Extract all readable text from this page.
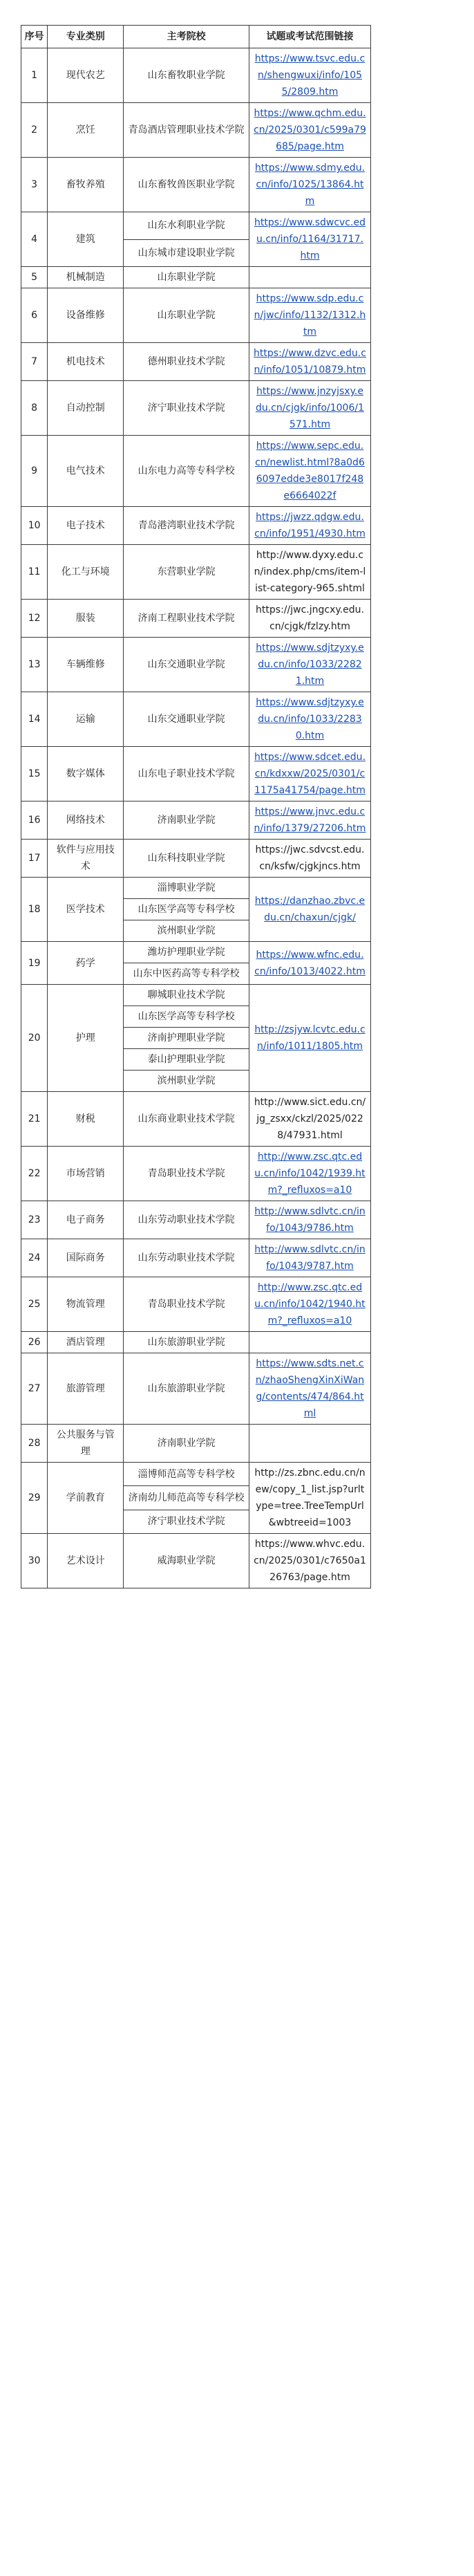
序号	专业类别	主考院校	试题或考试范围链接
1	现代农艺	山东畜牧职业学院	https://www.tsvc.edu.cn/shengwuxi/info/1055/2809.htm
2	烹饪	青岛酒店管理职业技术学院	https://www.qchm.edu.cn/2025/0301/c599a79685/page.htm
3	畜牧养殖	山东畜牧兽医职业学院	https://www.sdmy.edu.cn/info/1025/13864.htm
4	建筑	山东水利职业学院	https://www.sdwcvc.edu.cn/info/1164/31717.htm
		山东城市建设职业学院	
5	机械制造	山东职业学院	
6	设备维修	山东职业学院	https://www.sdp.edu.cn/jwc/info/1132/1312.htm
7	机电技术	德州职业技术学院	https://www.dzvc.edu.cn/info/1051/10879.htm
8	自动控制	济宁职业技术学院	https://www.jnzyjsxy.edu.cn/cjgk/info/1006/1571.htm
9	电气技术	山东电力高等专科学校	https://www.sepc.edu.cn/newlist.html?8a0d66097edde3e8017f248e6664022f
10	电子技术	青岛港湾职业技术学院	https://jwzz.qdgw.edu.cn/info/1951/4930.htm
11	化工与环境	东营职业学院	http://www.dyxy.edu.cn/index.php/cms/item-list-category-965.shtml
12	服装	济南工程职业技术学院	https://jwc.jngcxy.edu.cn/cjgk/fzlzy.htm
13	车辆维修	山东交通职业学院	https://www.sdjtzyxy.edu.cn/info/1033/22821.htm
14	运输	山东交通职业学院	https://www.sdjtzyxy.edu.cn/info/1033/22830.htm
15	数字媒体	山东电子职业技术学院	https://www.sdcet.edu.cn/kdxxw/2025/0301/c1175a41754/page.htm
16	网络技术	济南职业学院	https://www.jnvc.edu.cn/info/1379/27206.htm
17	软件与应用技术	山东科技职业学院	https://jwc.sdvcst.edu.cn/ksfw/cjgkjncs.htm
18	医学技术	淄博职业学院	https://danzhao.zbvc.edu.cn/chaxun/cjgk/
		山东医学高等专科学校	
		滨州职业学院	
19	药学	潍坊护理职业学院	https://www.wfnc.edu.cn/info/1013/4022.htm
		山东中医药高等专科学校	
20	护理	聊城职业技术学院	http://zsjyw.lcvtc.edu.cn/info/1011/1805.htm
		山东医学高等专科学校	
		济南护理职业学院	
		泰山护理职业学院	
		滨州职业学院	
21	财税	山东商业职业技术学院	http://www.sict.edu.cn/jg_zsxx/ckzl/2025/0228/47931.html
22	市场营销	青岛职业技术学院	http://www.zsc.qtc.edu.cn/info/1042/1939.htm?_refluxos=a10
23	电子商务	山东劳动职业技术学院	http://www.sdlvtc.cn/info/1043/9786.htm
24	国际商务	山东劳动职业技术学院	http://www.sdlvtc.cn/info/1043/9787.htm
25	物流管理	青岛职业技术学院	http://www.zsc.qtc.edu.cn/info/1042/1940.htm?_refluxos=a10
26	酒店管理	山东旅游职业学院	
27	旅游管理	山东旅游职业学院	https://www.sdts.net.cn/zhaoShengXinXiWang/contents/474/864.html
28	公共服务与管理	济南职业学院	
29	学前教育	淄博师范高等专科学校	http://zs.zbnc.edu.cn/new/copy_1_list.jsp?urltype=tree.TreeTempUrl&wbtreeid=1003
		济南幼儿师范高等专科学校	
		济宁职业技术学院	
30	艺术设计	威海职业学院	https://www.whvc.edu.cn/2025/0301/c7650a126763/page.htm
